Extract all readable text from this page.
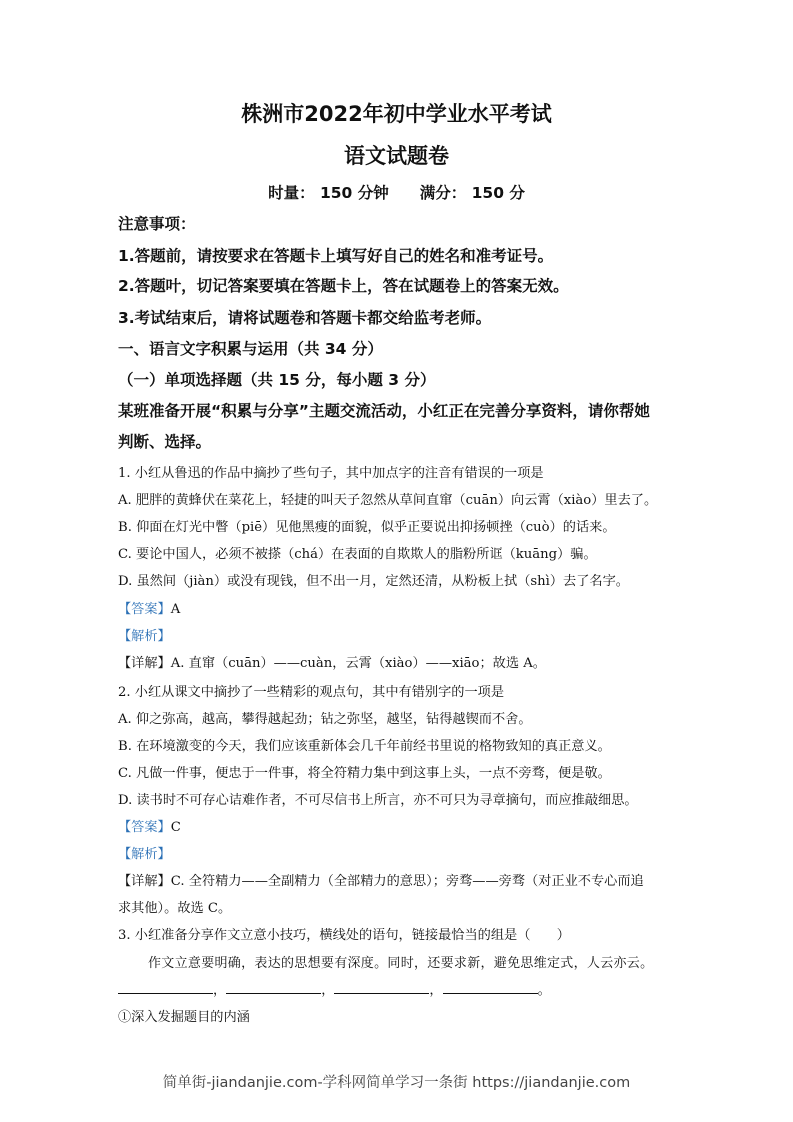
株洲市2022年初中学业水平考试
语文试题卷

时量： 150 分钟　　满分： 150 分

注意事项：

1.答题前，请按要求在答题卡上填写好自己的姓名和准考证号。

2.答题叶，切记答案要填在答题卡上，答在试题卷上的答案无效。

3.考试结束后，请将试题卷和答题卡都交给监考老师。

一、语言文字积累与运用（共 34 分）

（一）单项选择题（共 15 分，每小题 3 分）

某班准备开展“积累与分享”主题交流活动，小红正在完善分享资料，请你帮她

判断、选择。

1. 小红从鲁迅的作品中摘抄了些句子，其中加点字的注音有错误的一项是

A. 肥胖的黄蜂伏在菜花上，轻捷的叫天子忽然从草间直窜（cuān）向云霄（xiào）里去了。

B. 仰面在灯光中瞥（piē）见他黑瘦的面貌，似乎正要说出抑扬顿挫（cuò）的话来。

C. 要论中国人，必须不被搽（chá）在表面的自欺欺人的脂粉所诓（kuāng）骗。

D. 虽然间（jiàn）或没有现钱，但不出一月，定然还清，从粉板上拭（shì）去了名字。

【答案】A

【解析】

【详解】A. 直窜（cuān）——cuàn，云霄（xiào）——xiāo；故选 A。

2. 小红从课文中摘抄了一些精彩的观点句，其中有错别字的一项是

A. 仰之弥高，越高，攀得越起劲；钻之弥坚，越坚，钻得越锲而不舍。

B. 在环境激变的今天，我们应该重新体会几千年前经书里说的格物致知的真正意义。

C. 凡做一件事，便忠于一件事，将全符精力集中到这事上头，一点不旁骛，便是敬。

D. 读书时不可存心诘难作者，不可尽信书上所言，亦不可只为寻章摘句，而应推敲细思。

【答案】C

【解析】

【详解】C. 全符精力——全副精力（全部精力的意思）；旁骛——旁骛（对正业不专心而追

求其他）。故选 C。

3. 小红准备分享作文立意小技巧，横线处的语句，链接最恰当的组是（　　）

作文立意要明确，表达的思想要有深度。同时，还要求新，避免思维定式，人云亦云。

，	，	，	。

①深入发掘题目的内涵

简单街-jiandanjie.com-学科网简单学习一条街 https://jiandanjie.com
